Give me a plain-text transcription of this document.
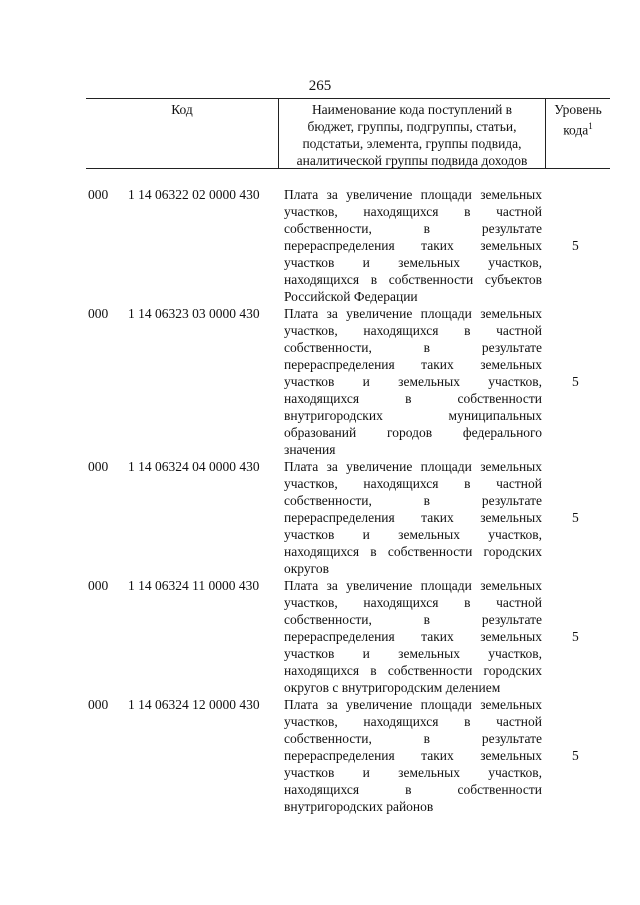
265
Код	Наименование кода поступлений в
бюджет, группы, подгруппы, статьи,
подстатьи, элемента, группы подвида,
аналитической группы подвида доходов
Уровень
кода$^1$
000 1 14 06322 02 0000 430 Плата за увеличение площади земельных
участков, находящихся в частной
собственности, в результате
перераспределения таких земельных
участков и земельных участков,
находящихся в собственности субъектов
Российской Федерации
5
000 1 14 06323 03 0000 430 Плата за увеличение площади земельных
участков, находящихся в частной
собственности, в результате
перераспределения таких земельных
участков и земельных участков,
находящихся в собственности
внутригородских муниципальных
образований городов федерального
значения
5
000 1 14 06324 04 0000 430 Плата за увеличение площади земельных
участков, находящихся в частной
собственности, в результате
перераспределения таких земельных
участков и земельных участков,
находящихся в собственности городских
округов
5
000 1 14 06324 11 0000 430 Плата за увеличение площади земельных
участков, находящихся в частной
собственности, в результате
перераспределения таких земельных
участков и земельных участков,
находящихся в собственности городских
округов с внутригородским делением
5
000 1 14 06324 12 0000 430 Плата за увеличение площади земельных
участков, находящихся в частной
собственности, в результате
перераспределения таких земельных
участков и земельных участков,
находящихся в собственности
внутригородских районов
5
